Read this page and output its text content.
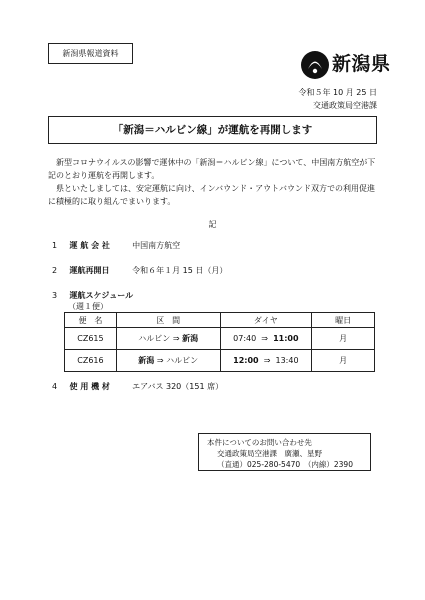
新潟県報道資料	新潟県
令和５年 10 月 25 日
交通政策局空港課
「新潟＝ハルビン線」が運航を再開します

新型コロナウイルスの影響で運休中の「新潟＝ハルビン線」について、中国南方航空が下記のとおり運航を再開します。

県といたしましては、安定運航に向け、インバウンド・アウトバウンド双方での利用促進に積極的に取り組んでまいります。

記
1 運 航 会 社	中国南方航空
2 運航再開日	令和６年１月 15 日（月）
3 運航スケジュール
（週１便）
便　名	区　間	ダイヤ	曜日
CZ615	ハルビン ⇒ 新潟	07:40  ⇒  11:00	月
CZ616	新潟 ⇒ ハルビン	12:00  ⇒  13:40	月
4 使 用 機 材	エアバス 320（151 席）
本件についてのお問い合わせ先
交通政策局空港課　廣瀬、星野
（直通）025-280-5470　（内線）2390
